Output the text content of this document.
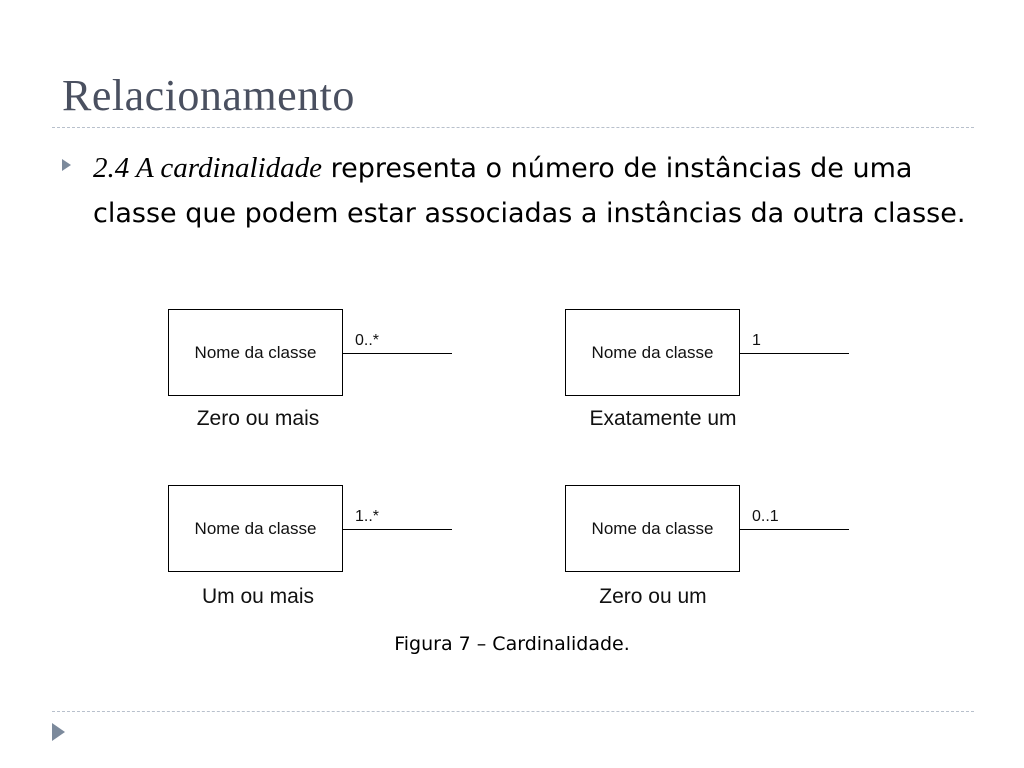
Relacionamento
2.4 A cardinalidade representa o número de instâncias de uma classe que podem estar associadas a instâncias da outra classe.
Nome da classe
0..*
Zero ou mais
Nome da classe
1
Exatamente um
Nome da classe
1..*
Um ou mais
Nome da classe
0..1
Zero ou um
Figura 7 – Cardinalidade.
